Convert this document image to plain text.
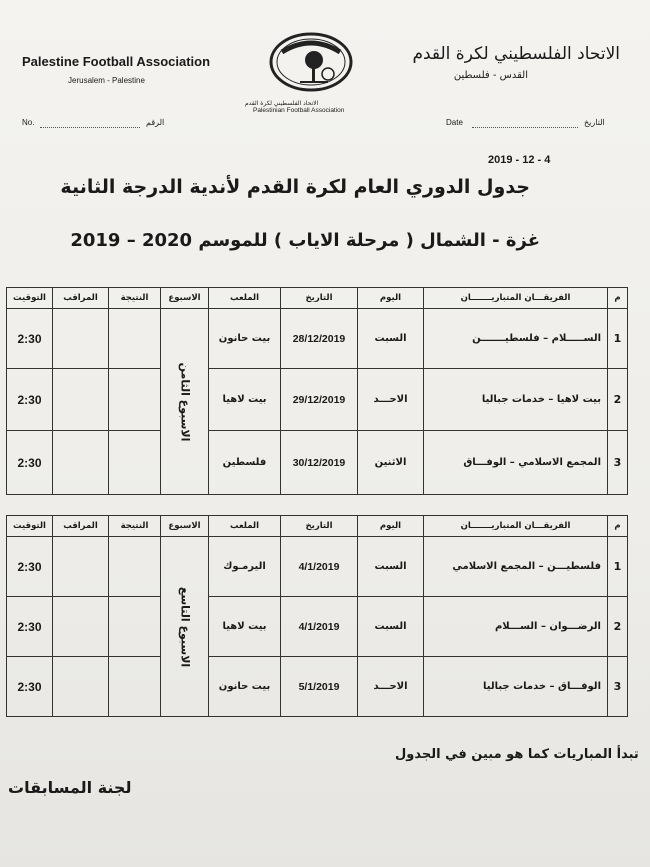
Palestine Football Association
Jerusalem - Palestine
الاتحاد الفلسطيني لكرة القدم
القدس - فلسطين
الاتحاد الفلسطيني لكرة القدم
Palestinian Football Association
No.	الرقم	Date	التاريخ
2019 - 12 - 4
جدول الدوري العام لكرة القدم لأندية الدرجة الثانية
غزة - الشمال ( مرحلة الاياب ) للموسم 2020 – 2019
م	الفريقـــان المتباريـــــــان	اليوم	التاريخ	الملعب	الاسبوع	النتيجة	المراقب	التوقيت
1	الســـــلام – فلسطيـــــــن	السبت	28/12/2019	بيت حانون	الاسبوع الثامن			2:30
2	بيت لاهيا – خدمات جباليا	الاحـــد	29/12/2019	بيت لاهيا				2:30
3	المجمع الاسلامي – الوفـــاق	الاثنين	30/12/2019	فلسطين				2:30
م	الفريقـــان المتباريـــــــان	اليوم	التاريخ	الملعب	الاسبوع	النتيجة	المراقب	التوقيت
1	فلسطيـــن – المجمع الاسلامي	السبت	4/1/2019	اليرمـوك	الاسبوع التاسع			2:30
2	الرضـــوان – الســـلام	السبت	4/1/2019	بيت لاهيا				2:30
3	الوفـــاق – خدمات جباليا	الاحـــد	5/1/2019	بيت حانون				2:30
تبدأ المباريات كما هو مبين في الجدول
لجنة المسابقات
